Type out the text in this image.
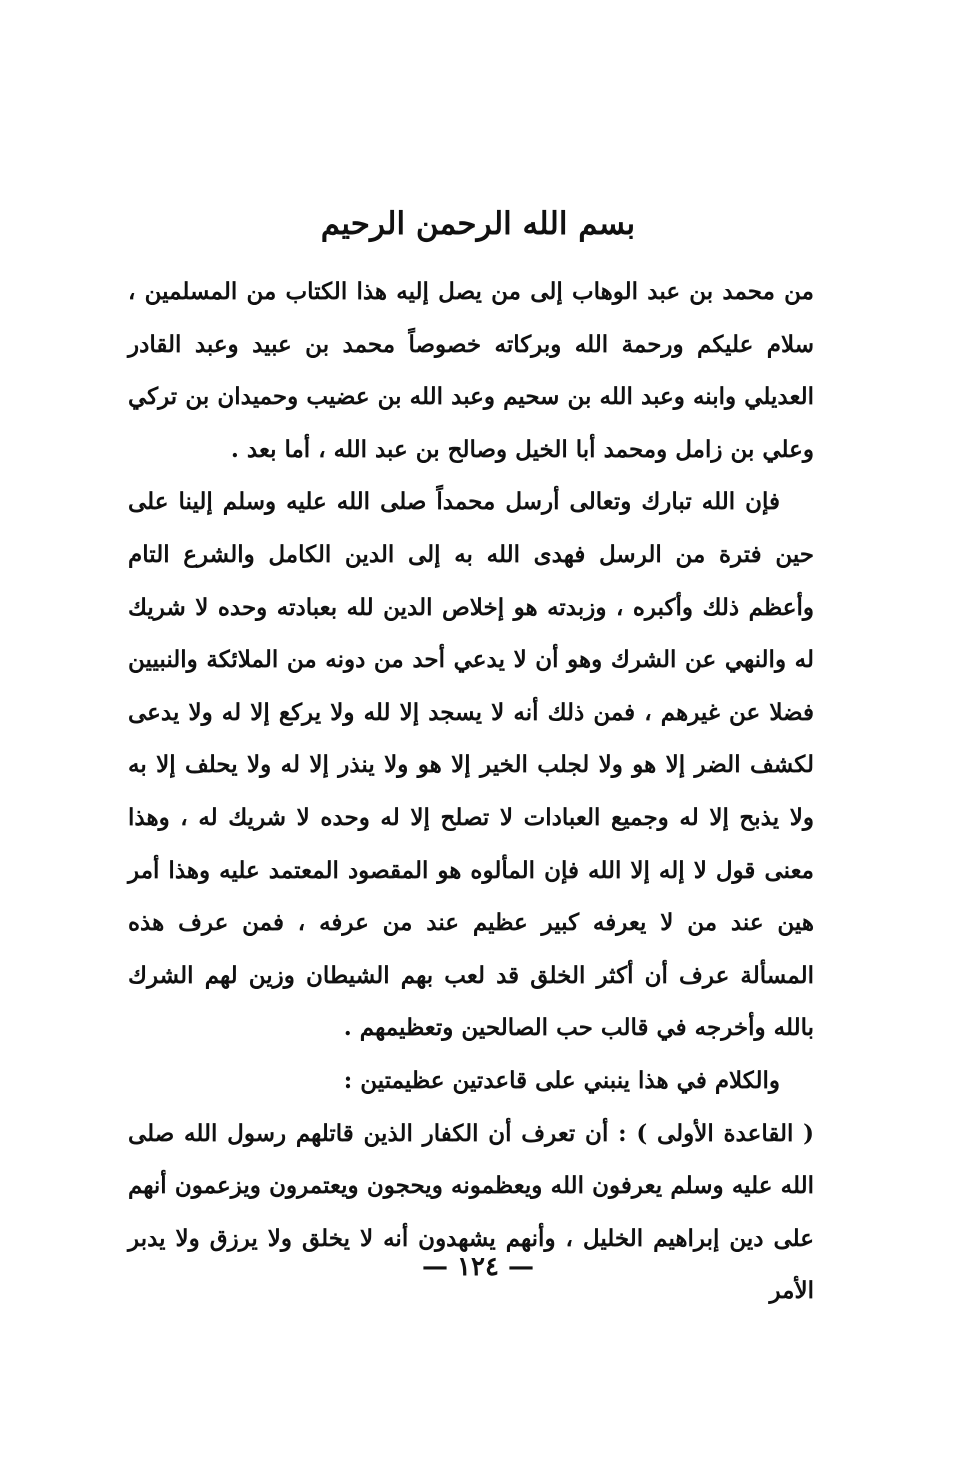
بسم الله الرحمن الرحيم

من محمد بن عبد الوهاب إلى من يصل إليه هذا الكتاب من المسلمين ، سلام عليكم ورحمة الله وبركاته خصوصاً محمد بن عبيد وعبد القادر العديلي وابنه وعبد الله بن سحيم وعبد الله بن عضيب وحميدان بن تركي وعلي بن زامل ومحمد أبا الخيل وصالح بن عبد الله ، أما بعد .

فإن الله تبارك وتعالى أرسل محمداً صلى الله عليه وسلم إلينا على حين فترة من الرسل فهدى الله به إلى الدين الكامل والشرع التام وأعظم ذلك وأكبره ، وزبدته هو إخلاص الدين لله بعبادته وحده لا شريك له والنهي عن الشرك وهو أن لا يدعي أحد من دونه من الملائكة والنبيين فضلا عن غيرهم ، فمن ذلك أنه لا يسجد إلا لله ولا يركع إلا له ولا يدعى لكشف الضر إلا هو ولا لجلب الخير إلا هو ولا ينذر إلا له ولا يحلف إلا به ولا يذبح إلا له وجميع العبادات لا تصلح إلا له وحده لا شريك له ، وهذا معنى قول لا إله إلا الله فإن المألوه هو المقصود المعتمد عليه وهذا أمر هين عند من لا يعرفه كبير عظيم عند من عرفه ، فمن عرف هذه المسألة عرف أن أكثر الخلق قد لعب بهم الشيطان وزين لهم الشرك بالله وأخرجه في قالب حب الصالحين وتعظيمهم .

والكلام في هذا ينبني على قاعدتين عظيمتين :

( القاعدة الأولى ) : أن تعرف أن الكفار الذين قاتلهم رسول الله صلى الله عليه وسلم يعرفون الله ويعظمونه ويحجون ويعتمرون ويزعمون أنهم على دين إبراهيم الخليل ، وأنهم يشهدون أنه لا يخلق ولا يرزق ولا يدبر الأمر

— ١٢٤ —
